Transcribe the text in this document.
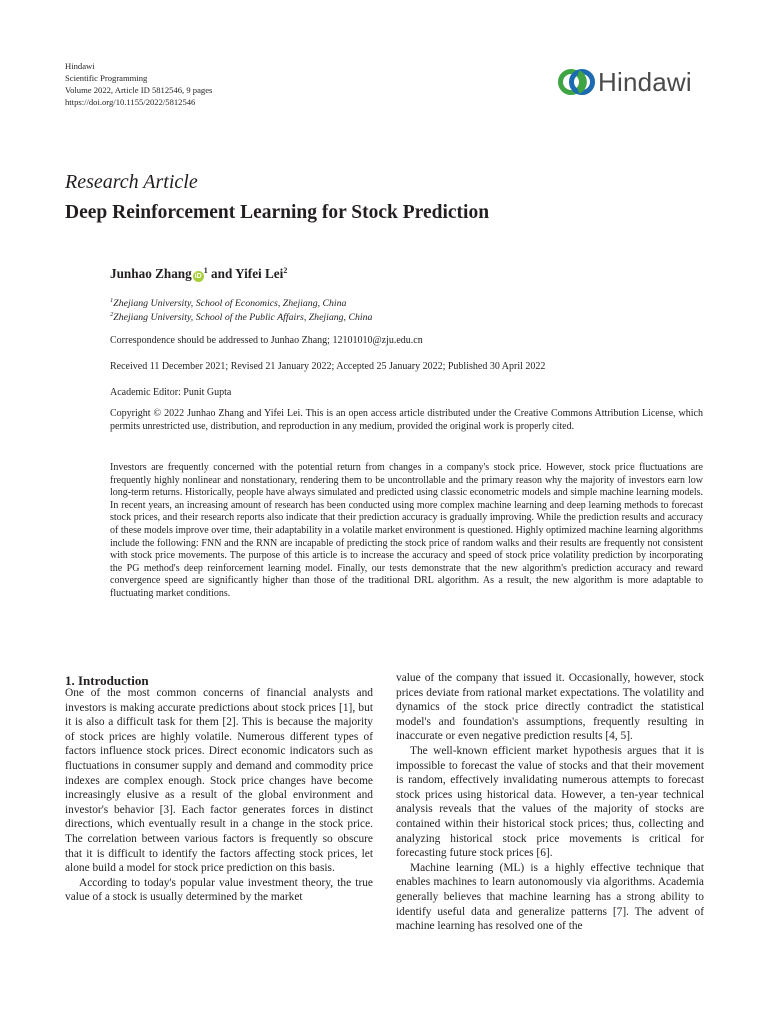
Hindawi
Scientific Programming
Volume 2022, Article ID 5812546, 9 pages
https://doi.org/10.1155/2022/5812546
Hindawi
Research Article
Deep Reinforcement Learning for Stock Prediction
Junhao Zhang $iD^1$ and Yifei Lei$^2$
$^1$Zhejiang University, School of Economics, Zhejiang, China
$^2$Zhejiang University, School of the Public Affairs, Zhejiang, China
Correspondence should be addressed to Junhao Zhang; 12101010@zju.edu.cn
Received 11 December 2021; Revised 21 January 2022; Accepted 25 January 2022; Published 30 April 2022
Academic Editor: Punit Gupta

Copyright © 2022 Junhao Zhang and Yifei Lei. This is an open access article distributed under the Creative Commons Attribution License, which permits unrestricted use, distribution, and reproduction in any medium, provided the original work is properly cited.

Investors are frequently concerned with the potential return from changes in a company's stock price. However, stock price fluctuations are frequently highly nonlinear and nonstationary, rendering them to be uncontrollable and the primary reason why the majority of investors earn low long-term returns. Historically, people have always simulated and predicted using classic econometric models and simple machine learning models. In recent years, an increasing amount of research has been conducted using more complex machine learning and deep learning methods to forecast stock prices, and their research reports also indicate that their prediction accuracy is gradually improving. While the prediction results and accuracy of these models improve over time, their adaptability in a volatile market environment is questioned. Highly optimized machine learning algorithms include the following: FNN and the RNN are incapable of predicting the stock price of random walks and their results are frequently not consistent with stock price movements. The purpose of this article is to increase the accuracy and speed of stock price volatility prediction by incorporating the PG method's deep reinforcement learning model. Finally, our tests demonstrate that the new algorithm's prediction accuracy and reward convergence speed are significantly higher than those of the traditional DRL algorithm. As a result, the new algorithm is more adaptable to fluctuating market conditions.

1. Introduction

One of the most common concerns of financial analysts and investors is making accurate predictions about stock prices [1], but it is also a difficult task for them [2]. This is because the majority of stock prices are highly volatile. Numerous different types of factors influence stock prices. Direct economic indicators such as fluctuations in consumer supply and demand and commodity price indexes are complex enough. Stock price changes have become increasingly elusive as a result of the global environment and investor's behavior [3]. Each factor generates forces in distinct directions, which eventually result in a change in the stock price. The correlation between various factors is frequently so obscure that it is difficult to identify the factors affecting stock prices, let alone build a model for stock price prediction on this basis.

According to today's popular value investment theory, the true value of a stock is usually determined by the market

value of the company that issued it. Occasionally, however, stock prices deviate from rational market expectations. The volatility and dynamics of the stock price directly contradict the statistical model's and foundation's assumptions, frequently resulting in inaccurate or even negative prediction results [4, 5].

The well-known efficient market hypothesis argues that it is impossible to forecast the value of stocks and that their movement is random, effectively invalidating numerous attempts to forecast stock prices using historical data. However, a ten-year technical analysis reveals that the values of the majority of stocks are contained within their historical stock prices; thus, collecting and analyzing historical stock price movements is critical for forecasting future stock prices [6].

Machine learning (ML) is a highly effective technique that enables machines to learn autonomously via algorithms. Academia generally believes that machine learning has a strong ability to identify useful data and generalize patterns [7]. The advent of machine learning has resolved one of the
